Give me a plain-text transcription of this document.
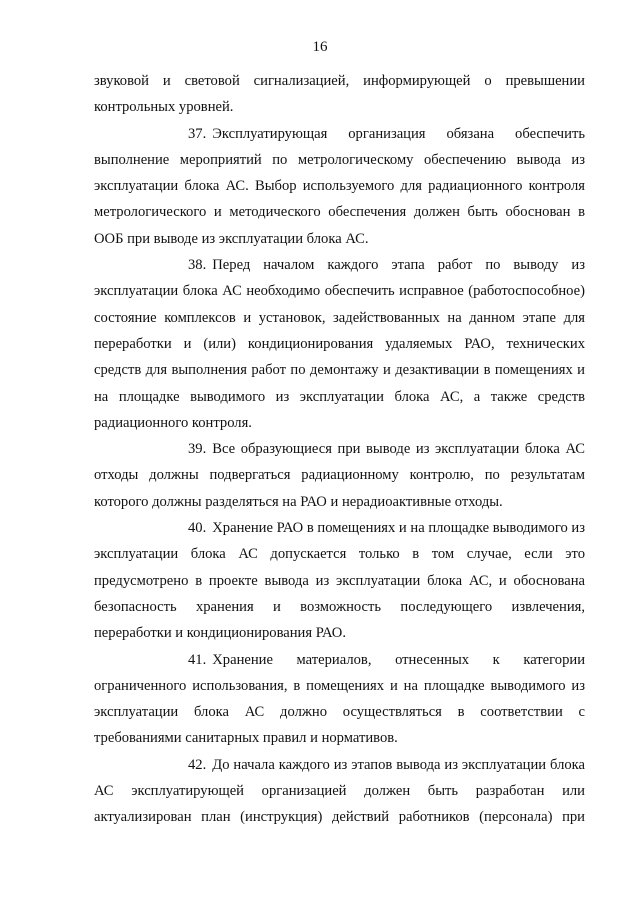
16

звуковой и световой сигнализацией, информирующей о превышении контрольных уровней.

37. Эксплуатирующая организация обязана обеспечить выполнение мероприятий по метрологическому обеспечению вывода из эксплуатации блока АС. Выбор используемого для радиационного контроля метрологического и методического обеспечения должен быть обоснован в ООБ при выводе из эксплуатации блока АС.

38. Перед началом каждого этапа работ по выводу из эксплуатации блока АС необходимо обеспечить исправное (работоспособное) состояние комплексов и установок, задействованных на данном этапе для переработки и (или) кондиционирования удаляемых РАО, технических средств для выполнения работ по демонтажу и дезактивации в помещениях и на площадке выводимого из эксплуатации блока АС, а также средств радиационного контроля.

39. Все образующиеся при выводе из эксплуатации блока АС отходы должны подвергаться радиационному контролю, по результатам которого должны разделяться на РАО и нерадиоактивные отходы.

40. Хранение РАО в помещениях и на площадке выводимого из эксплуатации блока АС допускается только в том случае, если это предусмотрено в проекте вывода из эксплуатации блока АС, и обоснована безопасность хранения и возможность последующего извлечения, переработки и кондиционирования РАО.

41. Хранение материалов, отнесенных к категории ограниченного использования, в помещениях и на площадке выводимого из эксплуатации блока АС должно осуществляться в соответствии с требованиями санитарных правил и нормативов.

42. До начала каждого из этапов вывода из эксплуатации блока АС эксплуатирующей организацией должен быть разработан или актуализирован план (инструкция) действий работников (персонала) при
